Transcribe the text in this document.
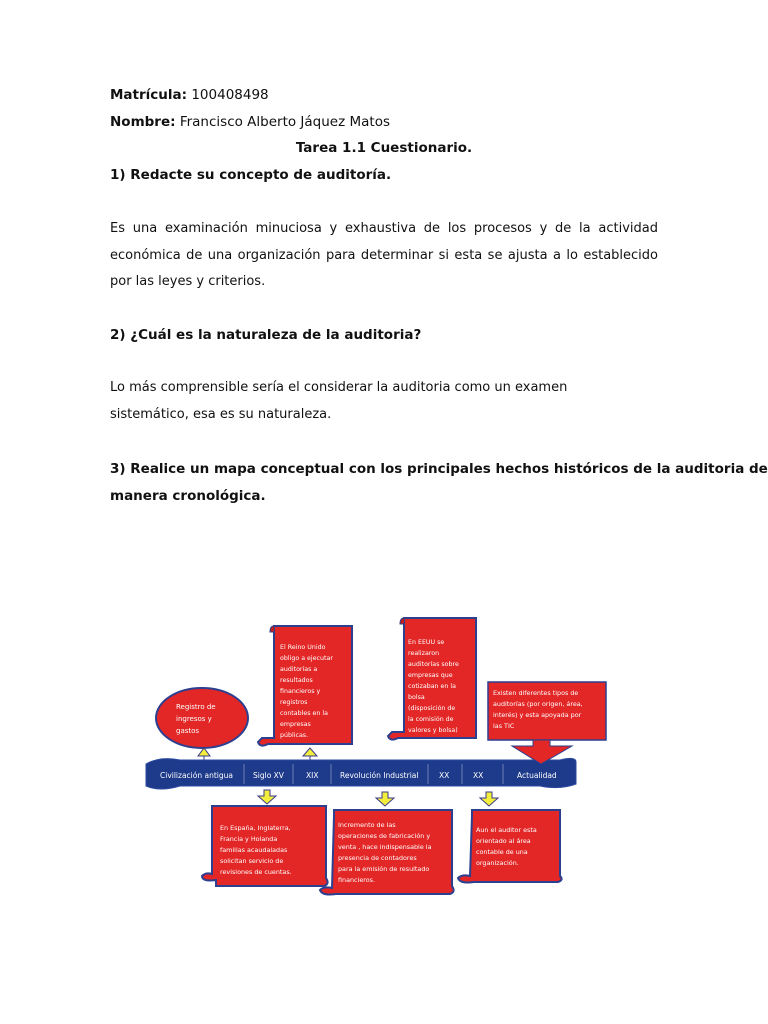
Matrícula: 100408498
Nombre: Francisco Alberto Jáquez Matos
Tarea 1.1 Cuestionario.
1) Redacte su concepto de auditoría.
Es una examinación minuciosa y exhaustiva de los procesos y de la actividad económica de una organización para determinar si esta se ajusta a lo establecido por las leyes y criterios.
2) ¿Cuál es la naturaleza de la auditoria?
Lo más comprensible sería el considerar la auditoria como un examen
sistemático, esa es su naturaleza.
3) Realice un mapa conceptual con los principales hechos históricos de la auditoria de
manera cronológica.
Civilización antigua	Siglo XV	XIX	Revolución Industrial	XX	XX	Actualidad
Registro de
ingresos y
gastos
El Reino Unido
obligo a ejecutar
auditorías a
resultados
financieros y
registros
contables en la
empresas
públicas.
En EEUU se
realizaron
auditorías sobre
empresas que
cotizaban en la
bolsa
(disposición de
la comisión de
valores y bolsa)
Existen diferentes tipos de
auditorías (por origen, área,
interés) y esta apoyada por
las TIC
En España, Inglaterra,
Francia y Holanda
familias acaudaladas
solicitan servicio de
revisiones de cuentas.
Incremento de las
operaciones de fabricación y
venta , hace indispensable la
presencia de contadores
para la emisión de resultado
financieros.
Aun el auditor esta
orientado al área
contable de una
organización.
